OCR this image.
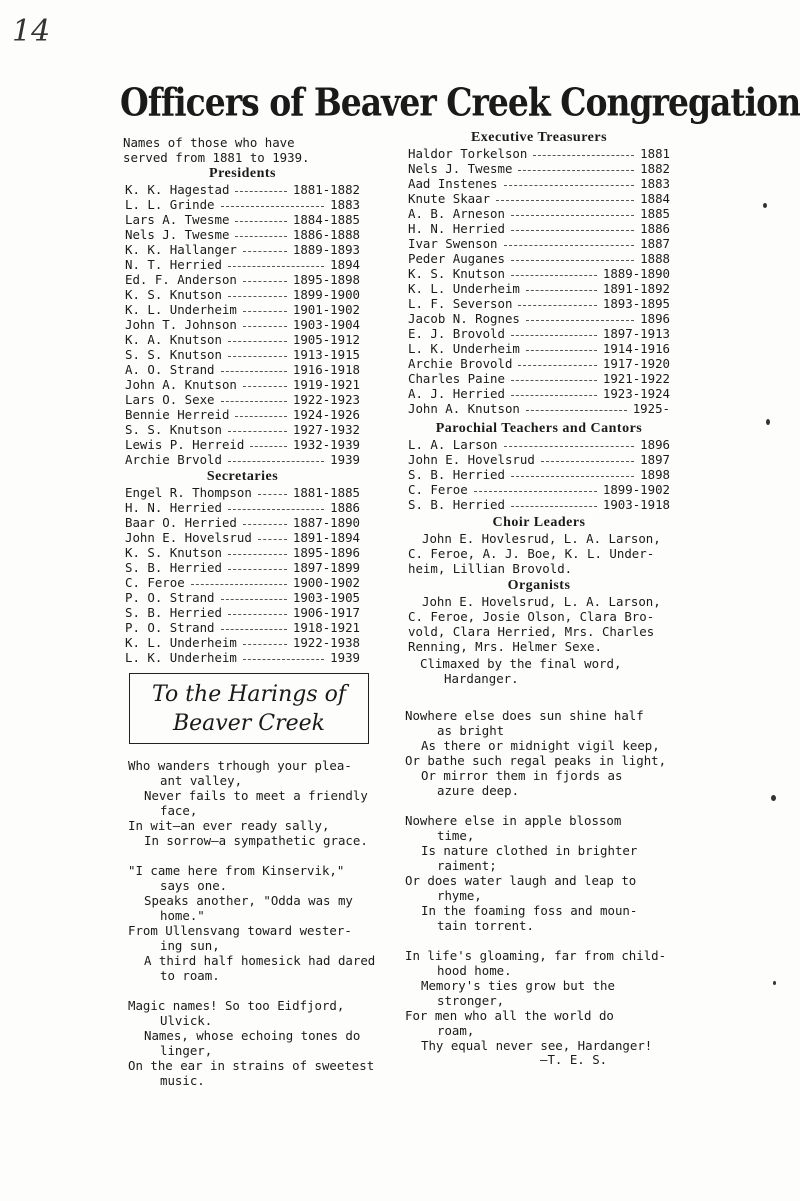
14
Officers of Beaver Creek Congregation
Names of those who have
served from 1881 to 1939.
Presidents
K. K. Hagestad	1881-1882
L. L. Grinde	1883
Lars A. Twesme	1884-1885
Nels J. Twesme	1886-1888
K. K. Hallanger	1889-1893
N. T. Herried	1894
Ed. F. Anderson	1895-1898
K. S. Knutson	1899-1900
K. L. Underheim	1901-1902
John T. Johnson	1903-1904
K. A. Knutson	1905-1912
S. S. Knutson	1913-1915
A. O. Strand	1916-1918
John A. Knutson	1919-1921
Lars O. Sexe	1922-1923
Bennie Herreid	1924-1926
S. S. Knutson	1927-1932
Lewis P. Herreid	1932-1939
Archie Brvold	1939
Secretaries
Engel R. Thompson	1881-1885
H. N. Herried	1886
Baar O. Herried	1887-1890
John E. Hovelsrud	1891-1894
K. S. Knutson	1895-1896
S. B. Herried	1897-1899
C. Feroe	1900-1902
P. O. Strand	1903-1905
S. B. Herried	1906-1917
P. O. Strand	1918-1921
K. L. Underheim	1922-1938
L. K. Underheim	1939
To the Harings of
Beaver Creek
Who wanders trhough your plea-
ant valley,
Never fails to meet a friendly
face,
In wit—an ever ready sally,
In sorrow—a sympathetic grace.
"I came here from Kinservik,"
says one.
Speaks another, "Odda was my
home."
From Ullensvang toward wester-
ing sun,
A third half homesick had dared
to roam.
Magic names! So too Eidfjord,
Ulvick.
Names, whose echoing tones do
linger,
On the ear in strains of sweetest
music.
Executive Treasurers
Haldor Torkelson	1881
Nels J. Twesme	1882
Aad Instenes	1883
Knute Skaar	1884
A. B. Arneson	1885
H. N. Herried	1886
Ivar Swenson	1887
Peder Auganes	1888
K. S. Knutson	1889-1890
K. L. Underheim	1891-1892
L. F. Severson	1893-1895
Jacob N. Rognes	1896
E. J. Brovold	1897-1913
L. K. Underheim	1914-1916
Archie Brovold	1917-1920
Charles Paine	1921-1922
A. J. Herried	1923-1924
John A. Knutson	1925-
Parochial Teachers and Cantors
L. A. Larson	1896
John E. Hovelsrud	1897
S. B. Herried	1898
C. Feroe	1899-1902
S. B. Herried	1903-1918
Choir Leaders
John E. Hovlesrud, L. A. Larson,
C. Feroe, A. J. Boe, K. L. Under-
heim, Lillian Brovold.
Organists
John E. Hovelsrud, L. A. Larson,
C. Feroe, Josie Olson, Clara Bro-
vold, Clara Herried, Mrs. Charles
Renning, Mrs. Helmer Sexe.
Climaxed by the final word,
Hardanger.
Nowhere else does sun shine half
as bright
As there or midnight vigil keep,
Or bathe such regal peaks in light,
Or mirror them in fjords as
azure deep.
Nowhere else in apple blossom
time,
Is nature clothed in brighter
raiment;
Or does water laugh and leap to
rhyme,
In the foaming foss and moun-
tain torrent.
In life's gloaming, far from child-
hood home.
Memory's ties grow but the
stronger,
For men who all the world do
roam,
Thy equal never see, Hardanger!
—T. E. S.
